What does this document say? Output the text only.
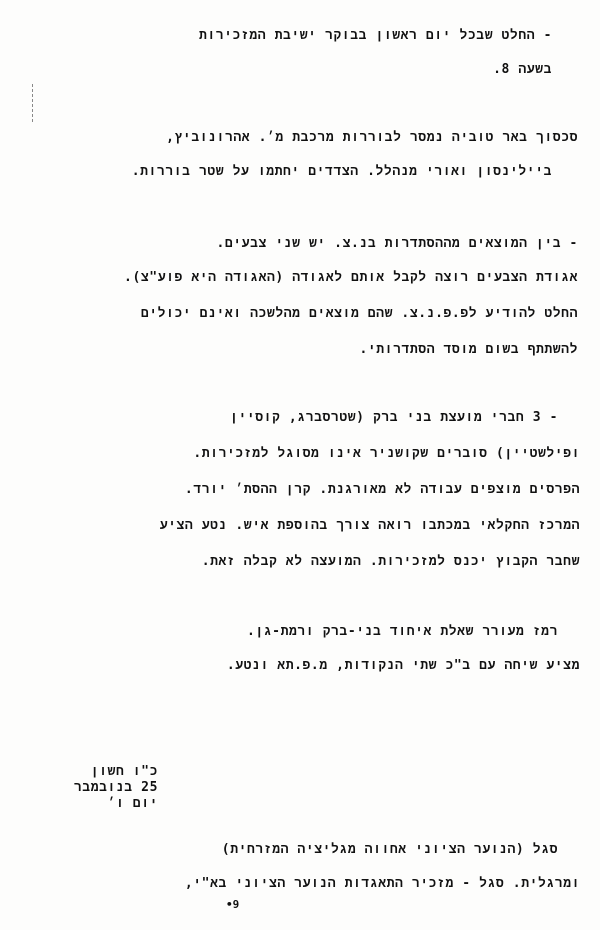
- החלט שבכל יום ראשון בבוקר ישיבת המזכירות
בשעה 8.
סכסוך באר טוביה נמסר לבוררות מרכבת מ׳. אהרונוביץ,
ביילינסון ואורי מנהלל. הצדדים יחתמו על שטר בוררות.
- בין המוצאים מההסתדרות בנ.צ. יש שני צבעים.
אגודת הצבעים רוצה לקבל אותם לאגודה (האגודה היא פוע"צ).
החלט להודיע לפ.פ.נ.צ. שהם מוצאים מהלשכה ואינם יכולים
להשתתף בשום מוסד הסתדרותי.
- 3 חברי מועצת בני ברק (שטרסברג, קוסיין
ופילשטיין) סוברים שקושניר אינו מסוגל למזכירות.
הפרסים מוצפים עבודה לא מאורגנת. קרן ההסת׳ יורד.
המרכז החקלאי במכתבו רואה צורך בהוספת איש. נטע הציע
שחבר הקבוץ יכנס למזכירות. המועצה לא קבלה זאת.
רמז מעורר שאלת איחוד בני-ברק ורמת-גן.
מציע שיחה עם ב"כ שתי הנקודות, מ.פ.תא ונטע.
כ"ו חשון
25 בנובמבר
יום ו׳
סגל (הנוער הציוני אחווה מגליציה המזרחית)
ומרגלית. סגל - מזכיר התאגדות הנוער הציוני בא"י,
•9
